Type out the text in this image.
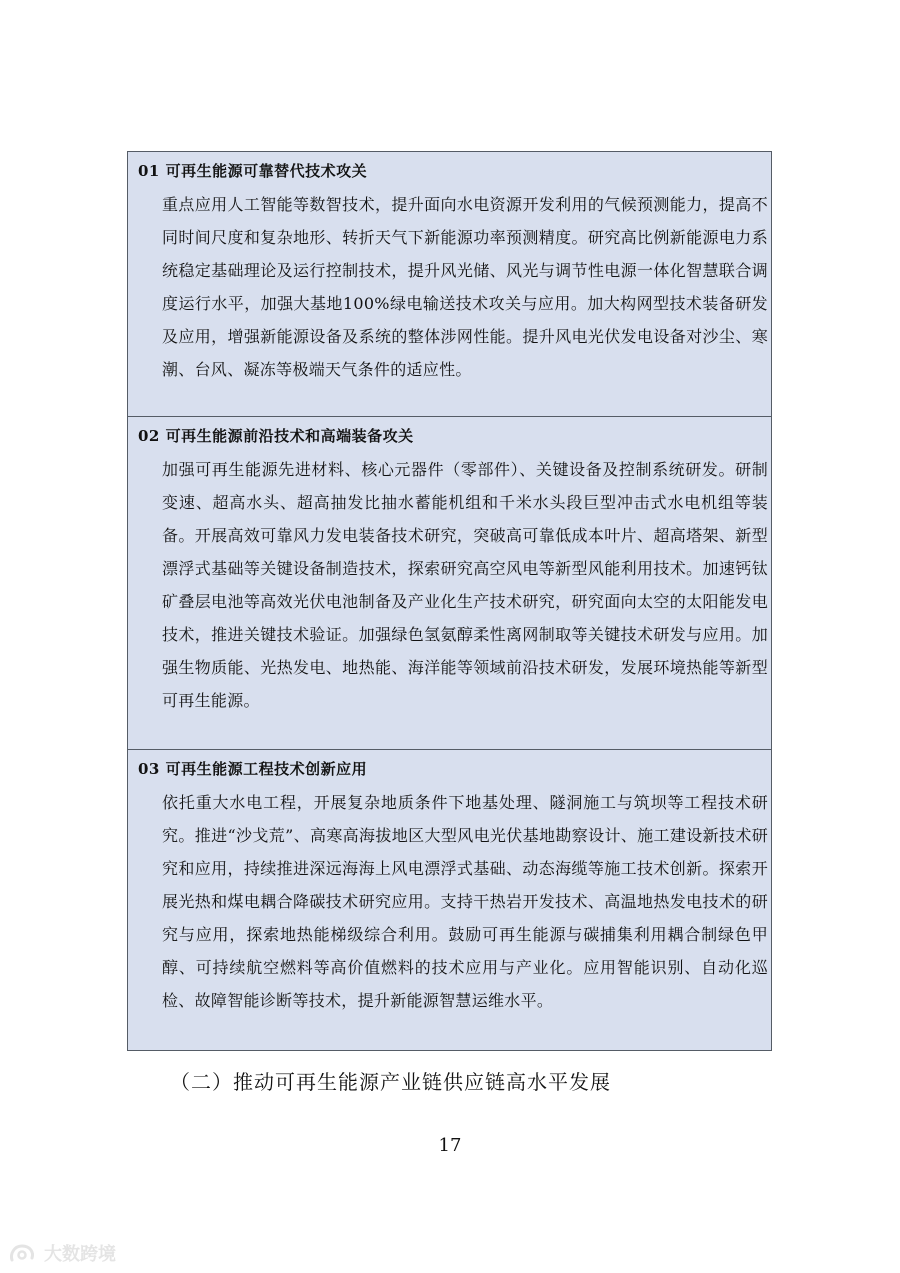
01 可再生能源可靠替代技术攻关
重点应用人工智能等数智技术，提升面向水电资源开发利用的气候预测能力，提高不同时间尺度和复杂地形、转折天气下新能源功率预测精度。研究高比例新能源电力系统稳定基础理论及运行控制技术，提升风光储、风光与调节性电源一体化智慧联合调度运行水平，加强大基地100%绿电输送技术攻关与应用。加大构网型技术装备研发及应用，增强新能源设备及系统的整体涉网性能。提升风电光伏发电设备对沙尘、寒潮、台风、凝冻等极端天气条件的适应性。
02 可再生能源前沿技术和高端装备攻关
加强可再生能源先进材料、核心元器件（零部件）、关键设备及控制系统研发。研制变速、超高水头、超高抽发比抽水蓄能机组和千米水头段巨型冲击式水电机组等装备。开展高效可靠风力发电装备技术研究，突破高可靠低成本叶片、超高塔架、新型漂浮式基础等关键设备制造技术，探索研究高空风电等新型风能利用技术。加速钙钛矿叠层电池等高效光伏电池制备及产业化生产技术研究，研究面向太空的太阳能发电技术，推进关键技术验证。加强绿色氢氨醇柔性离网制取等关键技术研发与应用。加强生物质能、光热发电、地热能、海洋能等领域前沿技术研发，发展环境热能等新型可再生能源。
03 可再生能源工程技术创新应用
依托重大水电工程，开展复杂地质条件下地基处理、隧洞施工与筑坝等工程技术研究。推进“沙戈荒”、高寒高海拔地区大型风电光伏基地勘察设计、施工建设新技术研究和应用，持续推进深远海海上风电漂浮式基础、动态海缆等施工技术创新。探索开展光热和煤电耦合降碳技术研究应用。支持干热岩开发技术、高温地热发电技术的研究与应用，探索地热能梯级综合利用。鼓励可再生能源与碳捕集利用耦合制绿色甲醇、可持续航空燃料等高价值燃料的技术应用与产业化。应用智能识别、自动化巡检、故障智能诊断等技术，提升新能源智慧运维水平。
（二）推动可再生能源产业链供应链高水平发展
17
大数跨境
